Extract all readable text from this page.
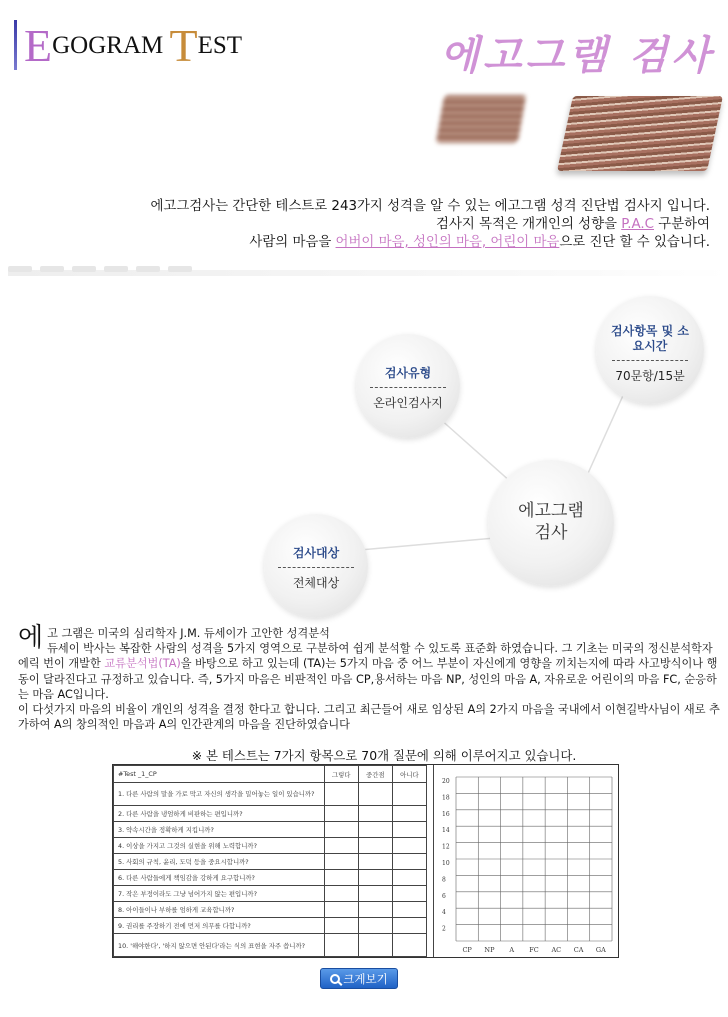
EGOGRAM TEST	에고그램 검사
에고그검사는 간단한 테스트로 243가지 성격을 알 수 있는 에고그램 성격 진단법 검사지 입니다.
검사지 목적은 개개인의 성향을 P.A.C 구분하여
사람의 마음을 어버이 마음, 성인의 마음, 어린이 마음으로 진단 할 수 있습니다.
검사유형
온라인검사지
검사항목 및 소요시간
70문항/15분
검사대상
전체대상
에고그램
검사
에 고 그램은 미국의 심리학자 J.M. 듀세이가 고안한 성격분석
듀세이 박사는 복잡한 사람의 성격을 5가지 영역으로 구분하여 쉽게 분석할 수 있도록 표준화 하였습니다. 그 기초는 미국의 정신분석학자 에릭 번이 개발한 교류분석법(TA)을 바탕으로 하고 있는데 (TA)는 5가지 마음 중 어느 부분이 자신에게 영향을 끼치는지에 따라 사고방식이나 행동이 달라진다고 규정하고 있습니다. 즉, 5가지 마음은 비판적인 마음 CP,용서하는 마음 NP, 성인의 마음 A, 자유로운 어린이의 마음 FC, 순응하는 마음 AC입니다.
이 다섯가지 마음의 비율이 개인의 성격을 결정 한다고 합니다. 그리고 최근들어 새로 임상된 A의 2가지 마음을 국내에서 이현길박사님이 새로 추가하여 A의 창의적인 마음과 A의 인간관계의 마음을 진단하였습니다
※ 본 테스트는 7가지 항목으로 70개 질문에 의해 이루어지고 있습니다.
#Test _1_CP	그렇다	중간점	아니다
1. 다른 사람의 말을 가로 막고 자신의 생각을 밀어놓는 일이 있습니까?			
2. 다른 사람을 냉엄하게 비판하는 편입니까?			
3. 약속시간을 정확하게 지킵니까?			
4. 이상을 가지고 그것의 실현을 위해 노력합니까?			
5. 사회의 규칙, 윤리, 도덕 등을 중요시합니까?			
6. 다른 사람들에게 책임감을 강하게 요구합니까?			
7. 작은 부정이라도 그냥 넘어가지 않는 편입니까?			
8. 아이들이나 부하를 엄하게 교육합니까?			
9. 권리를 주장하기 전에 먼저 의무를 다합니까?			
10. '해야한다', '하지 않으면 안된다'라는 식의 표현을 자주 씁니까?			
20
18
16
14
12
10
8
6
4
2
CP NP A FC AC CA GA
크게보기
